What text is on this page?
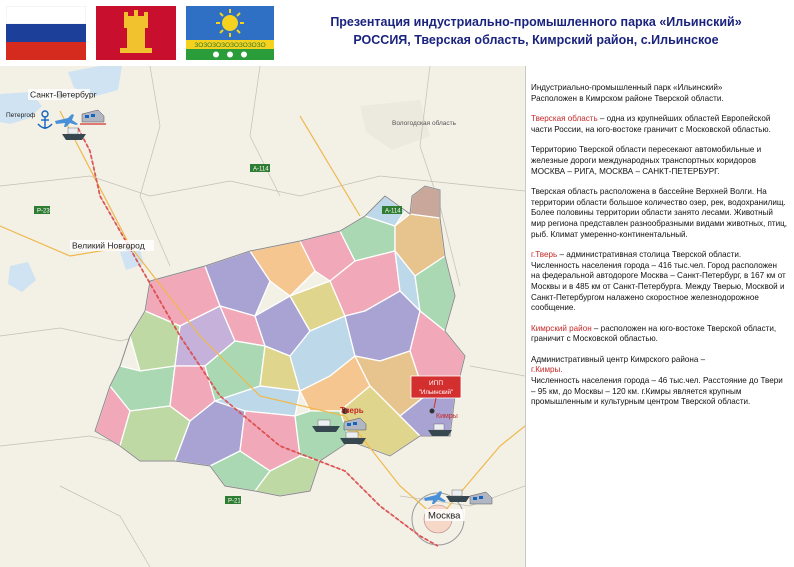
ЗОЗОЗОЗОЗОЗОЗОЗО
Презентация индустриально-промышленного парка «Ильинский»
РОССИЯ, Тверская область, Кимрский район, с.Ильинское
А-114
Р-23
Р-21
А-114
Санкт-Петербург
Петергоф
Великий Новгород
Тверь
Кимры
Москва
Вологодская область
ИПП
"Ильинский"

Индустриально-промышленный парк «Ильинский»
Расположен в Кимрском районе Тверской области.

Тверская область – одна из крупнейших областей Европейской части России, на юго-востоке граничит с Московской областью.

Территорию Тверской области пересекают автомобильные и железные дороги международных транспортных коридоров МОСКВА – РИГА, МОСКВА – САНКТ-ПЕТЕРБУРГ.

Тверская область расположена в бассейне Верхней Волги. На территории области большое количество озер, рек, водохранилищ. Более половины территории области занято лесами. Животный мир региона представлен разнообразными видами животных, птиц, рыб. Климат умеренно-континентальный.

г.Тверь – административная столица Тверской области. Численность населения города – 416 тыс.чел. Город расположен на федеральной автодороге Москва – Санкт-Петербург, в 167 км от Москвы и в 485 км от Санкт-Петербурга. Между Тверью, Москвой и Санкт-Петербургом налажено скоростное железнодорожное сообщение.

Кимрский район – расположен на юго-востоке Тверской области, граничит с Московской областью.

Административный центр Кимрского района –
г.Кимры.
Численность населения города – 46 тыс.чел. Расстояние до Твери – 95 км, до Москвы – 120 км. г.Кимры является крупным промышленным и культурным центром Тверской области.
